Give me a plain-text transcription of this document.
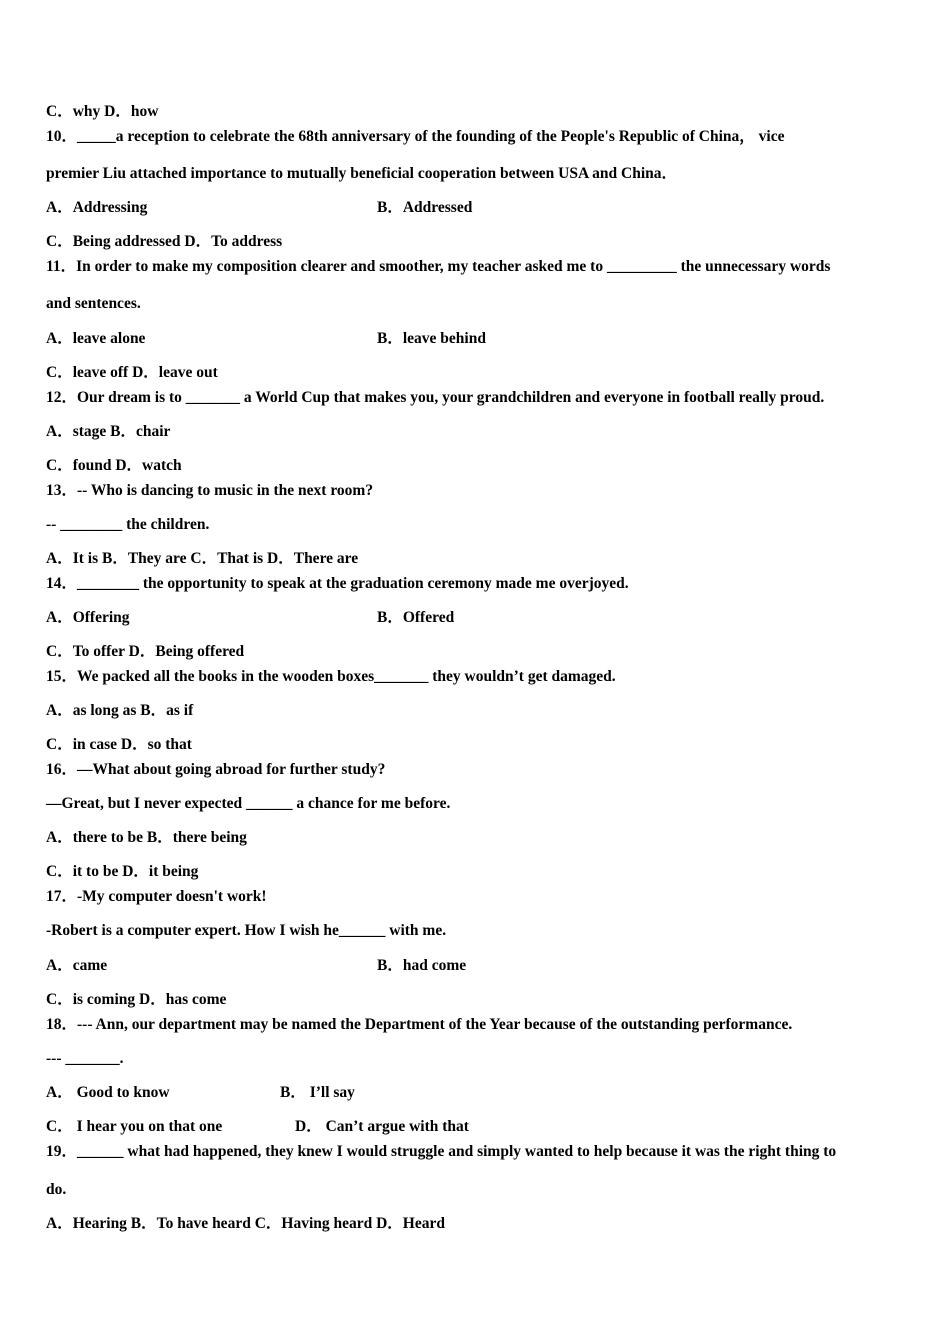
C．why D．how
10．_____a reception to celebrate the 68th anniversary of the founding of the People's Republic of China， vice
premier Liu attached importance to mutually beneficial cooperation between USA and China．
A．Addressing	B．Addressed
C．Being addressed D．To address
11．In order to make my composition clearer and smoother, my teacher asked me to _________ the unnecessary words
and sentences.
A．leave alone	B．leave behind
C．leave off D．leave out
12．Our dream is to _______ a World Cup that makes you, your grandchildren and everyone in football really proud.
A．stage B．chair
C．found D．watch
13．-- Who is dancing to music in the next room?
-- ________ the children.
A．It is B．They are C．That is D．There are
14．________ the opportunity to speak at the graduation ceremony made me overjoyed.
A．Offering	B．Offered
C．To offer D．Being offered
15．We packed all the books in the wooden boxes_______ they wouldn’t get damaged.
A．as long as B．as if
C．in case D．so that
16．—What about going abroad for further study?
—Great, but I never expected ______ a chance for me before.
A．there to be B．there being
C．it to be D．it being
17．-My computer doesn't work!
-Robert is a computer expert. How I wish he______ with me.
A．came	B．had come
C．is coming D．has come
18．--- Ann, our department may be named the Department of the Year because of the outstanding performance.
--- _______.
A． Good to know	B． I’ll say
C． I hear you on that one	D． Can’t argue with that
19．______ what had happened, they knew I would struggle and simply wanted to help because it was the right thing to
do.
A．Hearing B．To have heard C．Having heard D．Heard
